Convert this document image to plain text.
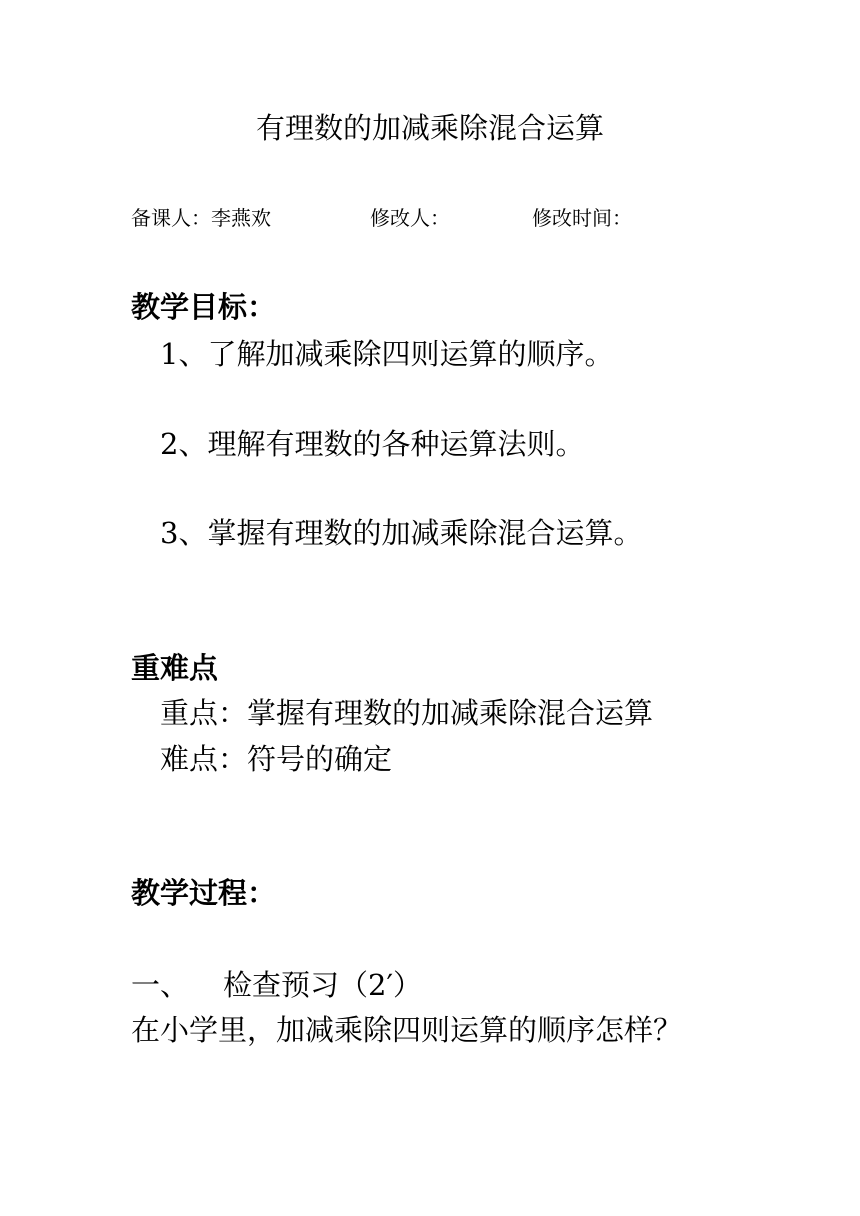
有理数的加减乘除混合运算
备课人：李燕欢	修改人：	修改时间：
教学目标：
1、了解加减乘除四则运算的顺序。
2、理解有理数的各种运算法则。
3、掌握有理数的加减乘除混合运算。
重难点
重点：掌握有理数的加减乘除混合运算
难点：符号的确定
教学过程：
一、 检查预习（2′）
在小学里，加减乘除四则运算的顺序怎样？
